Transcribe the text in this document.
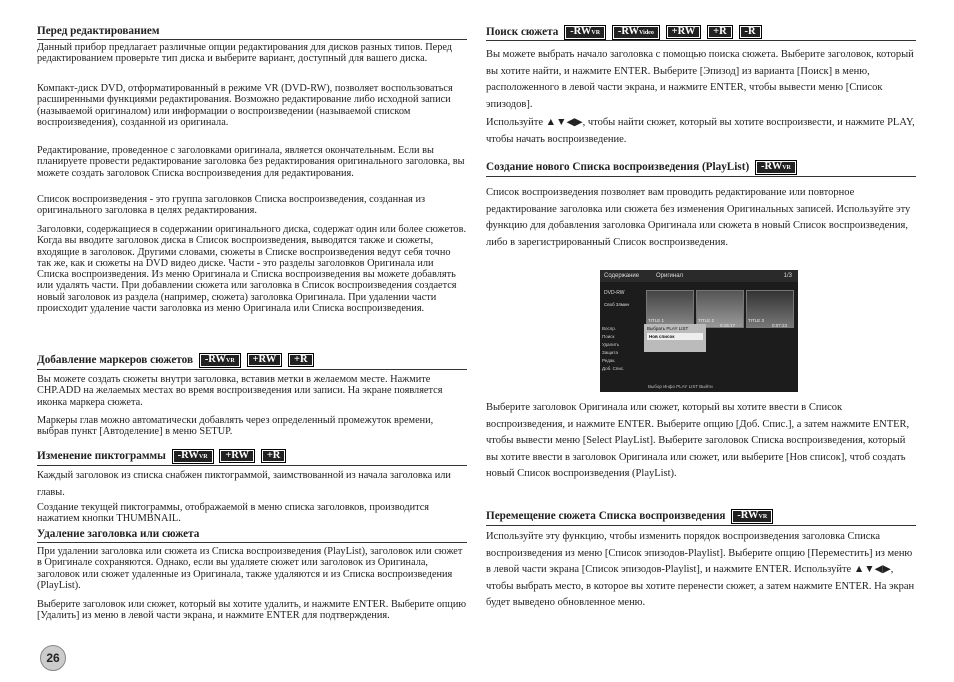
Перед редактированием

Данный прибор предлагает различные опции редактирования для дисков разных типов. Перед редактированием проверьте тип диска и выберите вариант, доступный для вашего диска.

Компакт-диск DVD, отформатированный в режиме VR (DVD-RW), позволяет воспользоваться расширенными функциями редактирования. Возможно редактирование либо исходной записи (называемой оригиналом) или информации о воспроизведении (называемой списком воспроизведения), созданной из оригинала.

Редактирование, проведенное с заголовками оригинала, является окончательным. Если вы планируете провести редактирование заголовка без редактирования оригинального заголовка, вы можете создать заголовок Списка воспроизведения для редактирования.

Список воспроизведения - это группа заголовков Списка воспроизведения, созданная из оригинального заголовка в целях редактирования.

Заголовки, содержащиеся в содержании оригинального диска, содержат один или более сюжетов. Когда вы вводите заголовок диска в Список воспроизведения, выводятся также и сюжеты, входящие в заголовок. Другими словами, сюжеты в Списке воспроизведения ведут себя точно так же, как и сюжеты на DVD видео диске. Части - это разделы заголовков Оригинала или Списка воспроизведения. Из меню Оригинала и Списка воспроизведения вы можете добавлять или удалять части. При добавлении сюжета или заголовка в Список воспроизведения создается новый заголовок из раздела (например, сюжета) заголовка Оригинала. При удалении части происходит удаление части заголовка из меню Оригинала или Списка воспроизведения.

Добавление маркеров сюжетов -RWVR +RW +R

Вы можете создать сюжеты внутри заголовка, вставив метки в желаемом месте. Нажмите CHP.ADD на желаемых местах во время воспроизведения или записи. На экране появляется иконка маркера сюжета.

Маркеры глав можно автоматически добавлять через определенный промежуток времени, выбрав пункт [Автоделение] в меню SETUP.

Изменение пиктограммы -RWVR +RW +R

Каждый заголовок из списка снабжен пиктограммой, заимствованной из начала заголовка или главы.

Создание текущей пиктограммы, отображаемой в меню списка заголовков, производится нажатием кнопки THUMBNAIL.

Удаление заголовка или сюжета

При удалении заголовка или сюжета из Списка воспроизведения (PlayList), заголовок или сюжет в Оригинале сохраняются. Однако, если вы удаляете сюжет или заголовок из Оригинала, заголовок или сюжет удаленные из Оригинала, также удаляются и из Списка воспроизведения (PlayList).

Выберите заголовок или сюжет, который вы хотите удалить, и нажмите ENTER. Выберите опцию [Удалить] из меню в левой части экрана, и нажмите ENTER для подтверждения.

26
Поиск сюжета -RWVR -RWVideo +RW +R -R

Вы можете выбрать начало заголовка с помощью поиска сюжета. Выберите заголовок, который вы хотите найти, и нажмите ENTER. Выберите [Эпизод] из варианта [Поиск] в меню, расположенного в левой части экрана, и нажмите ENTER, чтобы вывести меню [Список эпизодов].

Используйте ▲▼◀▶, чтобы найти сюжет, который вы хотите воспроизвести, и нажмите PLAY, чтобы начать воспроизведение.

Создание нового Списка воспроизведения (PlayList) -RWVR

Список воспроизведения позволяет вам проводить редактирование или повторное редактирование заголовка или сюжета без изменения Оригинальных записей. Используйте эту функцию для добавления заголовка Оригинала или сюжета в новый Список воспроизведения, либо в зарегистрированный Список воспроизведения.

Выберите заголовок Оригинала или сюжет, который вы хотите ввести в Список воспроизведения, и нажмите ENTER. Выберите опцию [Доб. Спис.], а затем нажмите ENTER, чтобы вывести меню [Select PlayList]. Выберите заголовок Списка воспроизведения, который вы хотите ввести в заголовок Оригинала или сюжет, или выберите [Нов список], чтоб создать новый Список воспроизведения (PlayList).

Перемещение сюжета Списка воспроизведения -RWVR

Используйте эту функцию, чтобы изменить порядок воспроизведения заголовка Списка воспроизведения из меню [Список эпизодов-Playlist]. Выберите опцию [Переместить] из меню в левой части экрана [Список эпизодов-Playlist], и нажмите ENTER. Используйте ▲▼◀▶, чтобы выбрать место, в которое вы хотите перенести сюжет, а затем нажмите ENTER. На экран будет выведено обновленное меню.

Содержание	Оригинал	1/3
DVD-RW
Своб 34мин
Воспр.
Поиск
Удалить
Защита
Редак.
Доб. Спис.
TITLE 1	TITLE 2	TITLE 3
0:15:17	0:07:23
Выбрать PLAY LIST
Нов список
Выбор Инфо PLAY LIST Выйти
